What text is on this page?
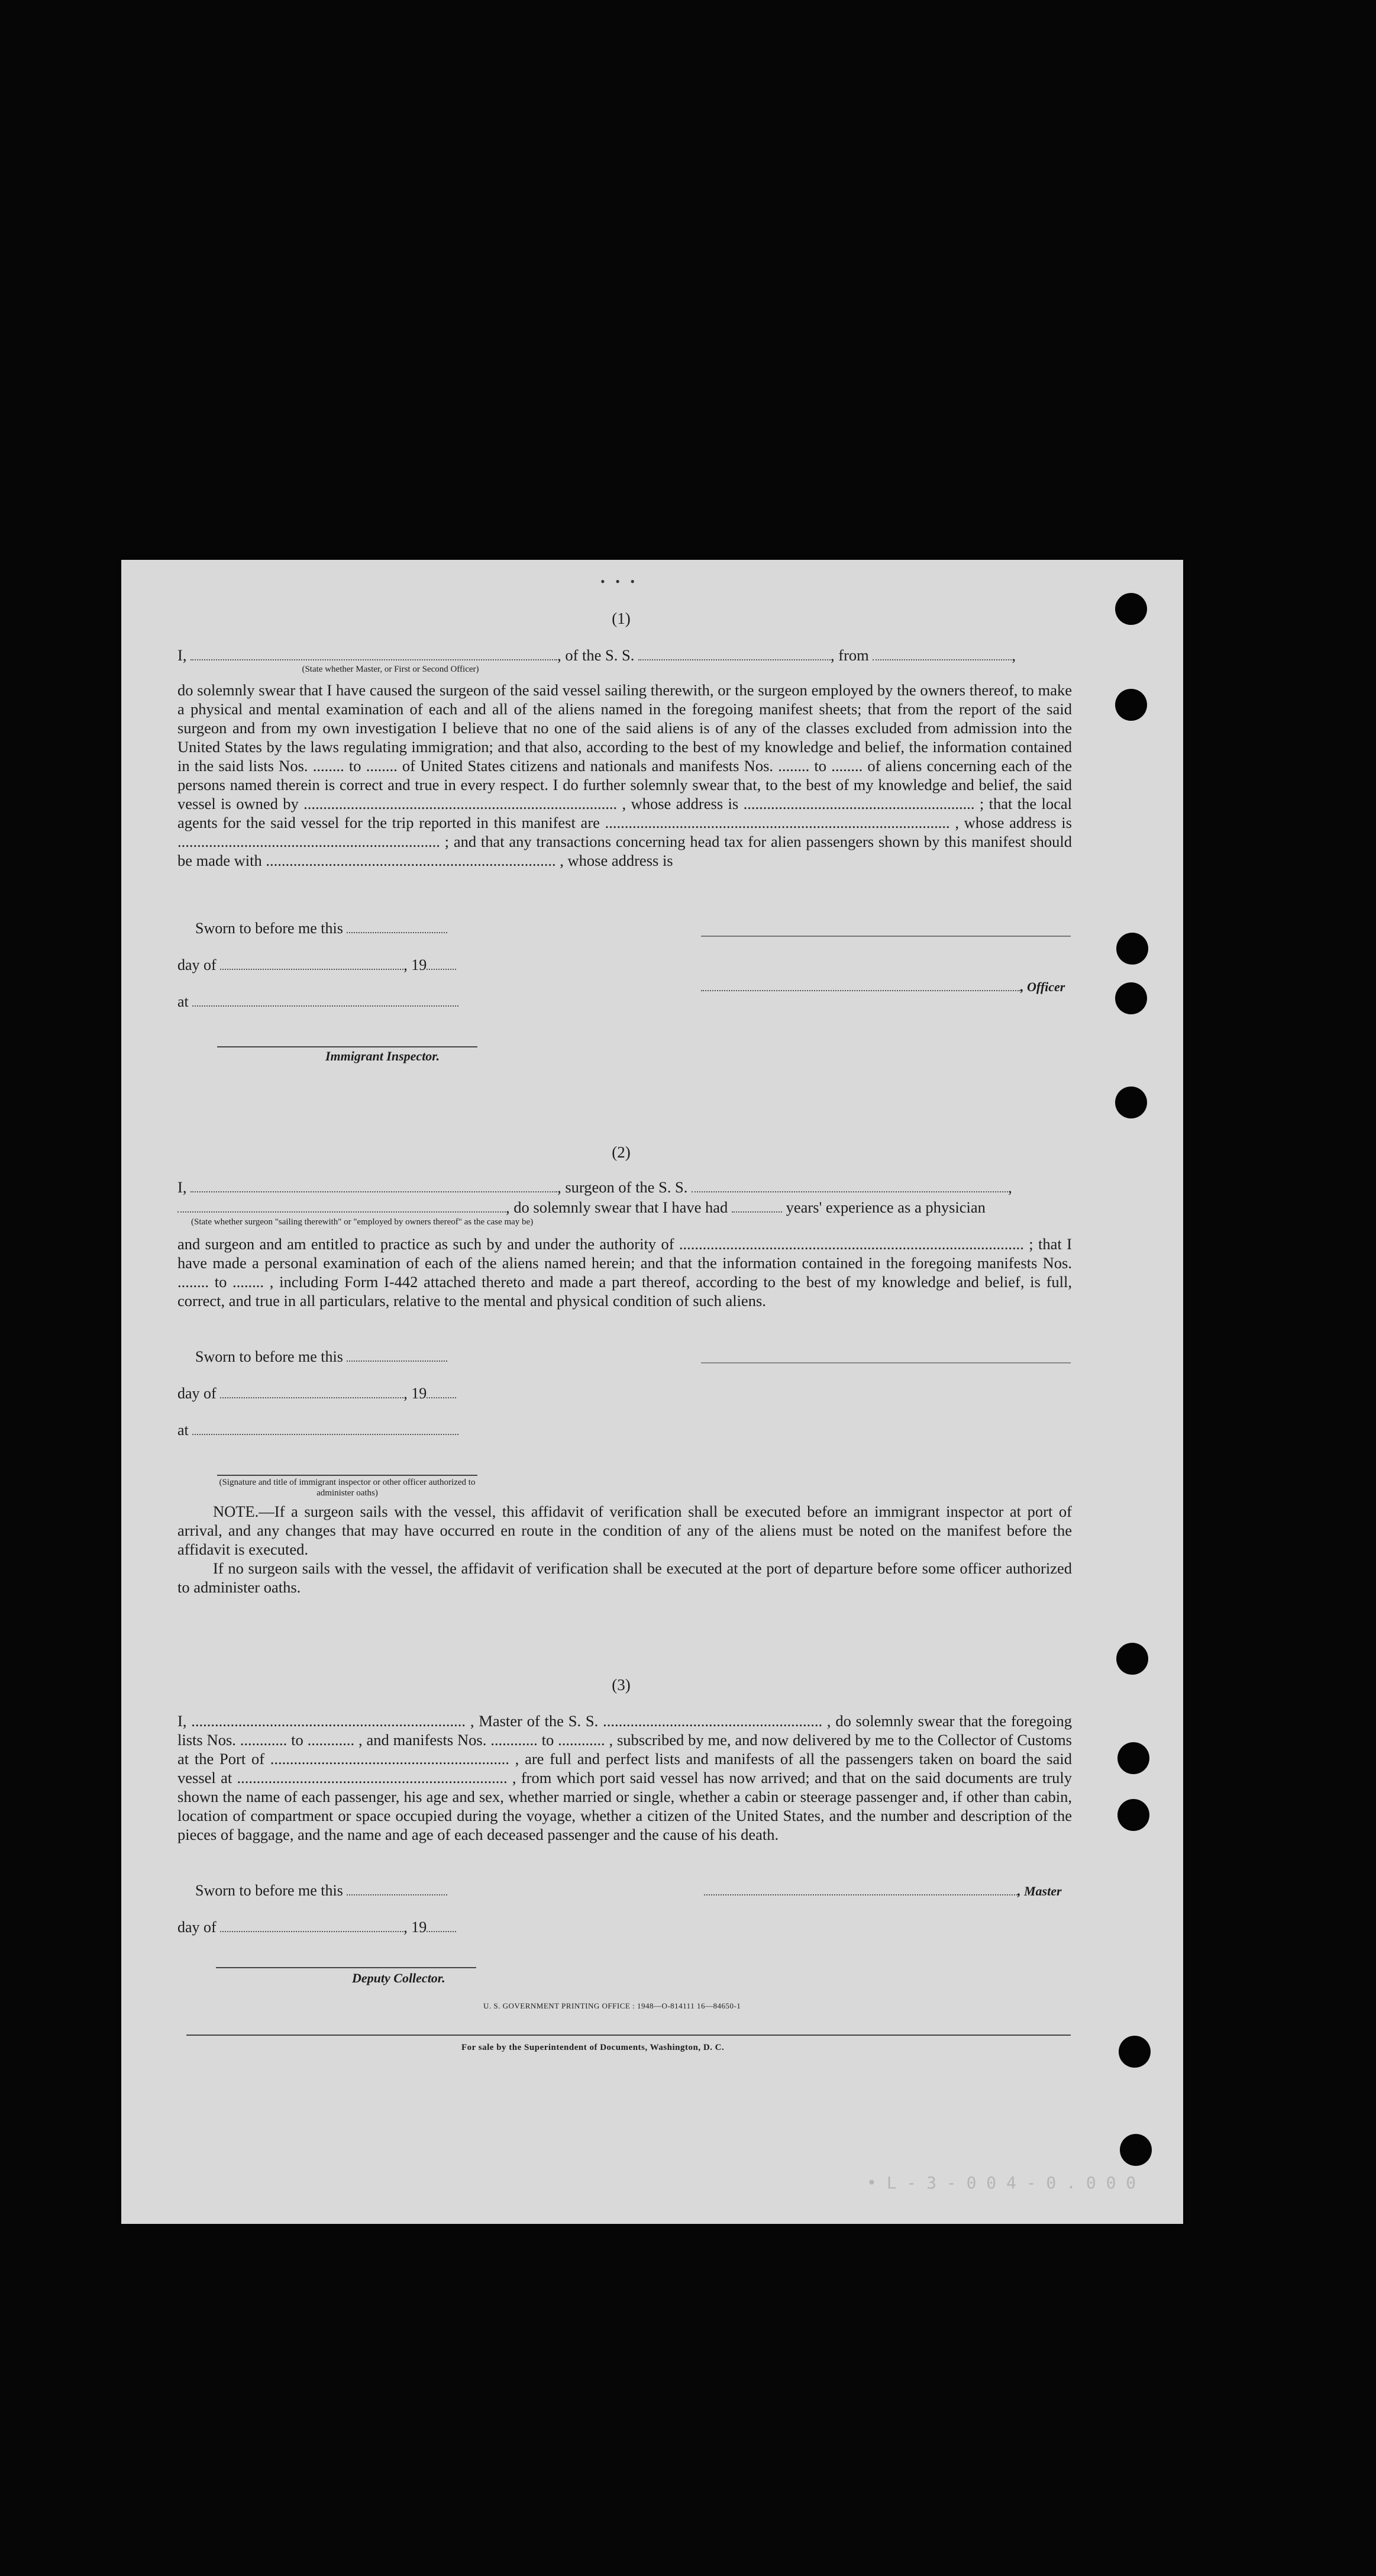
• • •
(1)
I,	, of the S. S.	, from	,
(State whether Master, or First or Second Officer)

do solemnly swear that I have caused the surgeon of the said vessel sailing therewith, or the surgeon employed by the owners thereof, to make a physical and mental examination of each and all of the aliens named in the foregoing manifest sheets; that from the report of the said surgeon and from my own investigation I believe that no one of the said aliens is of any of the classes excluded from admission into the United States by the laws regulating immigration; and that also, according to the best of my knowledge and belief, the information contained in the said lists Nos. ........ to ........ of United States citizens and nationals and manifests Nos. ........ to ........ of aliens concerning each of the persons named therein is correct and true in every respect. I do further solemnly swear that, to the best of my knowledge and belief, the said vessel is owned by ................................................................................ , whose address is ........................................................... ; that the local agents for the said vessel for the trip reported in this manifest are ........................................................................................ , whose address is ................................................................... ; and that any transactions concerning head tax for alien passengers shown by this manifest should be made with .......................................................................... , whose address is

Sworn to before me this
day of	, 19
at
Immigrant Inspector.
, Officer
(2)
I,	, surgeon of the S. S.	,
, do solemnly swear that I have had	years' experience as a physician
(State whether surgeon "sailing therewith" or "employed by owners thereof" as the case may be)

and surgeon and am entitled to practice as such by and under the authority of ........................................................................................ ; that I have made a personal examination of each of the aliens named herein; and that the information contained in the foregoing manifests Nos. ........ to ........ , including Form I-442 attached thereto and made a part thereof, according to the best of my knowledge and belief, is full, correct, and true in all particulars, relative to the mental and physical condition of such aliens.

Sworn to before me this
day of	, 19
at
(Signature and title of immigrant inspector or other officer authorized to administer oaths)

NOTE.—If a surgeon sails with the vessel, this affidavit of verification shall be executed before an immigrant inspector at port of arrival, and any changes that may have occurred en route in the condition of any of the aliens must be noted on the manifest before the affidavit is executed.

If no surgeon sails with the vessel, the affidavit of verification shall be executed at the port of departure before some officer authorized to administer oaths.

(3)

I, ...................................................................... , Master of the S. S. ........................................................ , do solemnly swear that the foregoing lists Nos. ............ to ............ , and manifests Nos. ............ to ............ , subscribed by me, and now delivered by me to the Collector of Customs at the Port of ............................................................. , are full and perfect lists and manifests of all the passengers taken on board the said vessel at ..................................................................... , from which port said vessel has now arrived; and that on the said documents are truly shown the name of each passenger, his age and sex, whether married or single, whether a cabin or steerage passenger and, if other than cabin, location of compartment or space occupied during the voyage, whether a citizen of the United States, and the number and description of the pieces of baggage, and the name and age of each deceased passenger and the cause of his death.

Sworn to before me this	, Master
day of	, 19
Deputy Collector.
U. S. GOVERNMENT PRINTING OFFICE : 1948—O-814111 16—84650-1
For sale by the Superintendent of Documents, Washington, D. C.
• L - 3 - 0 0 4 - 0 . 0 0 0
